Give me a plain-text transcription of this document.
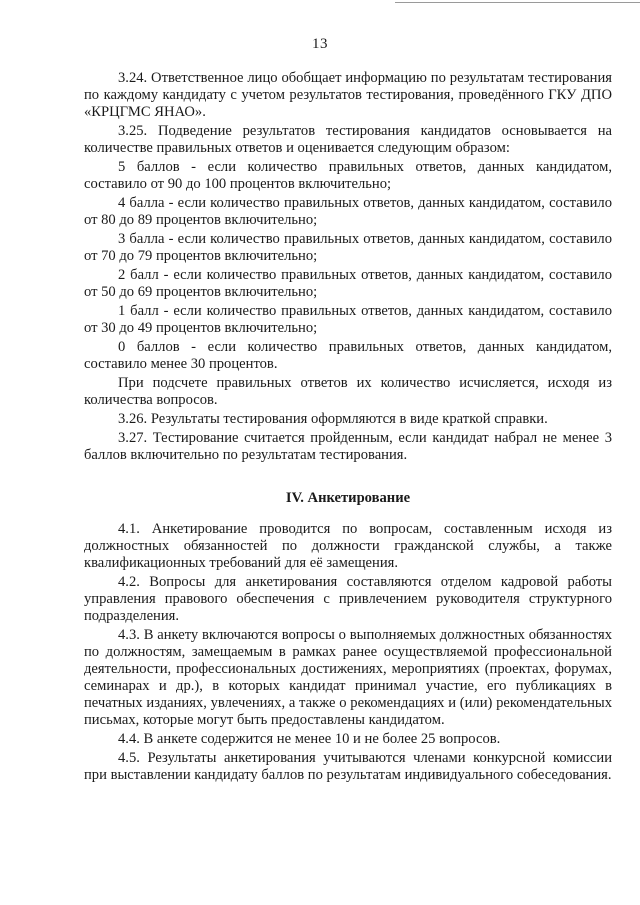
13

3.24. Ответственное лицо обобщает информацию по результатам тестирования по каждому кандидату с учетом результатов тестирования, проведённого ГКУ ДПО «КРЦГМС ЯНАО».

3.25. Подведение результатов тестирования кандидатов основывается на количестве правильных ответов и оценивается следующим образом:

5 баллов - если количество правильных ответов, данных кандидатом, составило от 90 до 100 процентов включительно;

4 балла - если количество правильных ответов, данных кандидатом, составило от 80 до 89 процентов включительно;

3 балла - если количество правильных ответов, данных кандидатом, составило от 70 до 79 процентов включительно;

2 балл - если количество правильных ответов, данных кандидатом, составило от 50 до 69 процентов включительно;

1 балл - если количество правильных ответов, данных кандидатом, составило от 30 до 49 процентов включительно;

0 баллов - если количество правильных ответов, данных кандидатом, составило менее 30 процентов.

При подсчете правильных ответов их количество исчисляется, исходя из количества вопросов.

3.26. Результаты тестирования оформляются в виде краткой справки.

3.27. Тестирование считается пройденным, если кандидат набрал не менее 3 баллов включительно по результатам тестирования.

IV. Анкетирование

4.1. Анкетирование проводится по вопросам, составленным исходя из должностных обязанностей по должности гражданской службы, а также квалификационных требований для её замещения.

4.2. Вопросы для анкетирования составляются отделом кадровой работы управления правового обеспечения с привлечением руководителя структурного подразделения.

4.3. В анкету включаются вопросы о выполняемых должностных обязанностях по должностям, замещаемым в рамках ранее осуществляемой профессиональной деятельности, профессиональных достижениях, мероприятиях (проектах, форумах, семинарах и др.), в которых кандидат принимал участие, его публикациях в печатных изданиях, увлечениях, а также о рекомендациях и (или) рекомендательных письмах, которые могут быть предоставлены кандидатом.

4.4. В анкете содержится не менее 10 и не более 25 вопросов.

4.5. Результаты анкетирования учитываются членами конкурсной комиссии при выставлении кандидату баллов по результатам индивидуального собеседования.
